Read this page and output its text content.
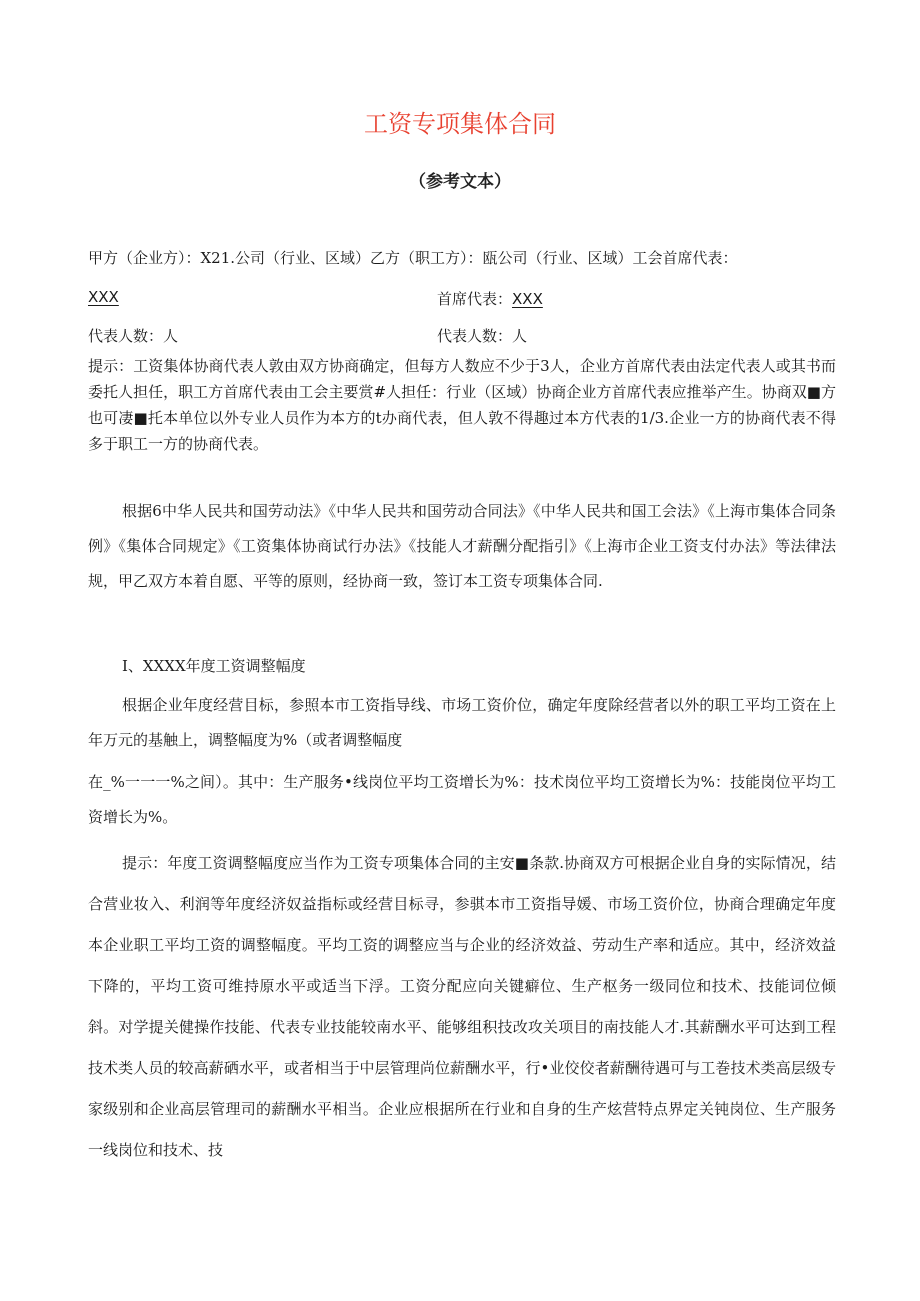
工资专项集体合同
（参考文本）
甲方（企业方）：X21.公司（行业、区域）乙方（职工方）：瓯公司（行业、区域）工会首席代表：
XXX	首席代表：XXX
代表人数：人	代表人数：人
提示：工资集体协商代表人敦由双方协商确定，但每方人数应不少于3人，企业方首席代表由法定代表人或其书而委托人担任，职工方首席代表由工会主要赏#人担任：行业（区域）协商企业方首席代表应推举产生。协商双■方也可凄■托本单位以外专业人员作为本方的t办商代表，但人敦不得趣过本方代表的1/3.企业一方的协商代表不得多于职工一方的协商代表。
根据6中华人民共和国劳动法》《中华人民共和国劳动合同法》《中华人民共和国工会法》《上海市集体合同条例》《集体合同规定》《工资集体协商试行办法》《技能人才薪酬分配指引》《上海市企业工资支付办法》等法律法规，甲乙双方本着自愿、平等的原则，经协商一致，签订本工资专项集体合同.
I、XXXX年度工资调整幅度
根据企业年度经营目标，参照本市工资指导线、市场工资价位，确定年度除经营者以外的职工平均工资在上年万元的基触上，调整幅度为%（或者调整幅度
在_%一一一%之间）。其中：生产服务•线岗位平均工资增长为%：技术岗位平均工资增长为%：技能岗位平均工资增长为%。
提示：年度工资调整幅度应当作为工资专项集体合同的主安■条款.协商双方可根据企业自身的实际情况，结合营业妆入、利润等年度经济奴益指标或经营目标寻，参骐本市工资指导媛、市场工资价位，协商合理确定年度本企业职工平均工资的调整幅度。平均工资的调整应当与企业的经济效益、劳动生产率和适应。其中，经济效益下降的，平均工资可维持原水平或适当下浮。工资分配应向关键癖位、生产枢务一级同位和技术、技能词位倾斜。对学提关健操作技能、代表专业技能较南水平、能够组积技改攻关项目的南技能人才.其薪酬水平可达到工程技术类人员的较高薪硒水平，或者相当于中层管理尚位薪酬水平，行•业佼佼者薪酬待遇可与工巻技术类高层级专家级别和企业高层管理司的薪酬水平相当。企业应根据所在行业和自身的生产炫营特点界定关钝岗位、生产服务一线岗位和技术、技
